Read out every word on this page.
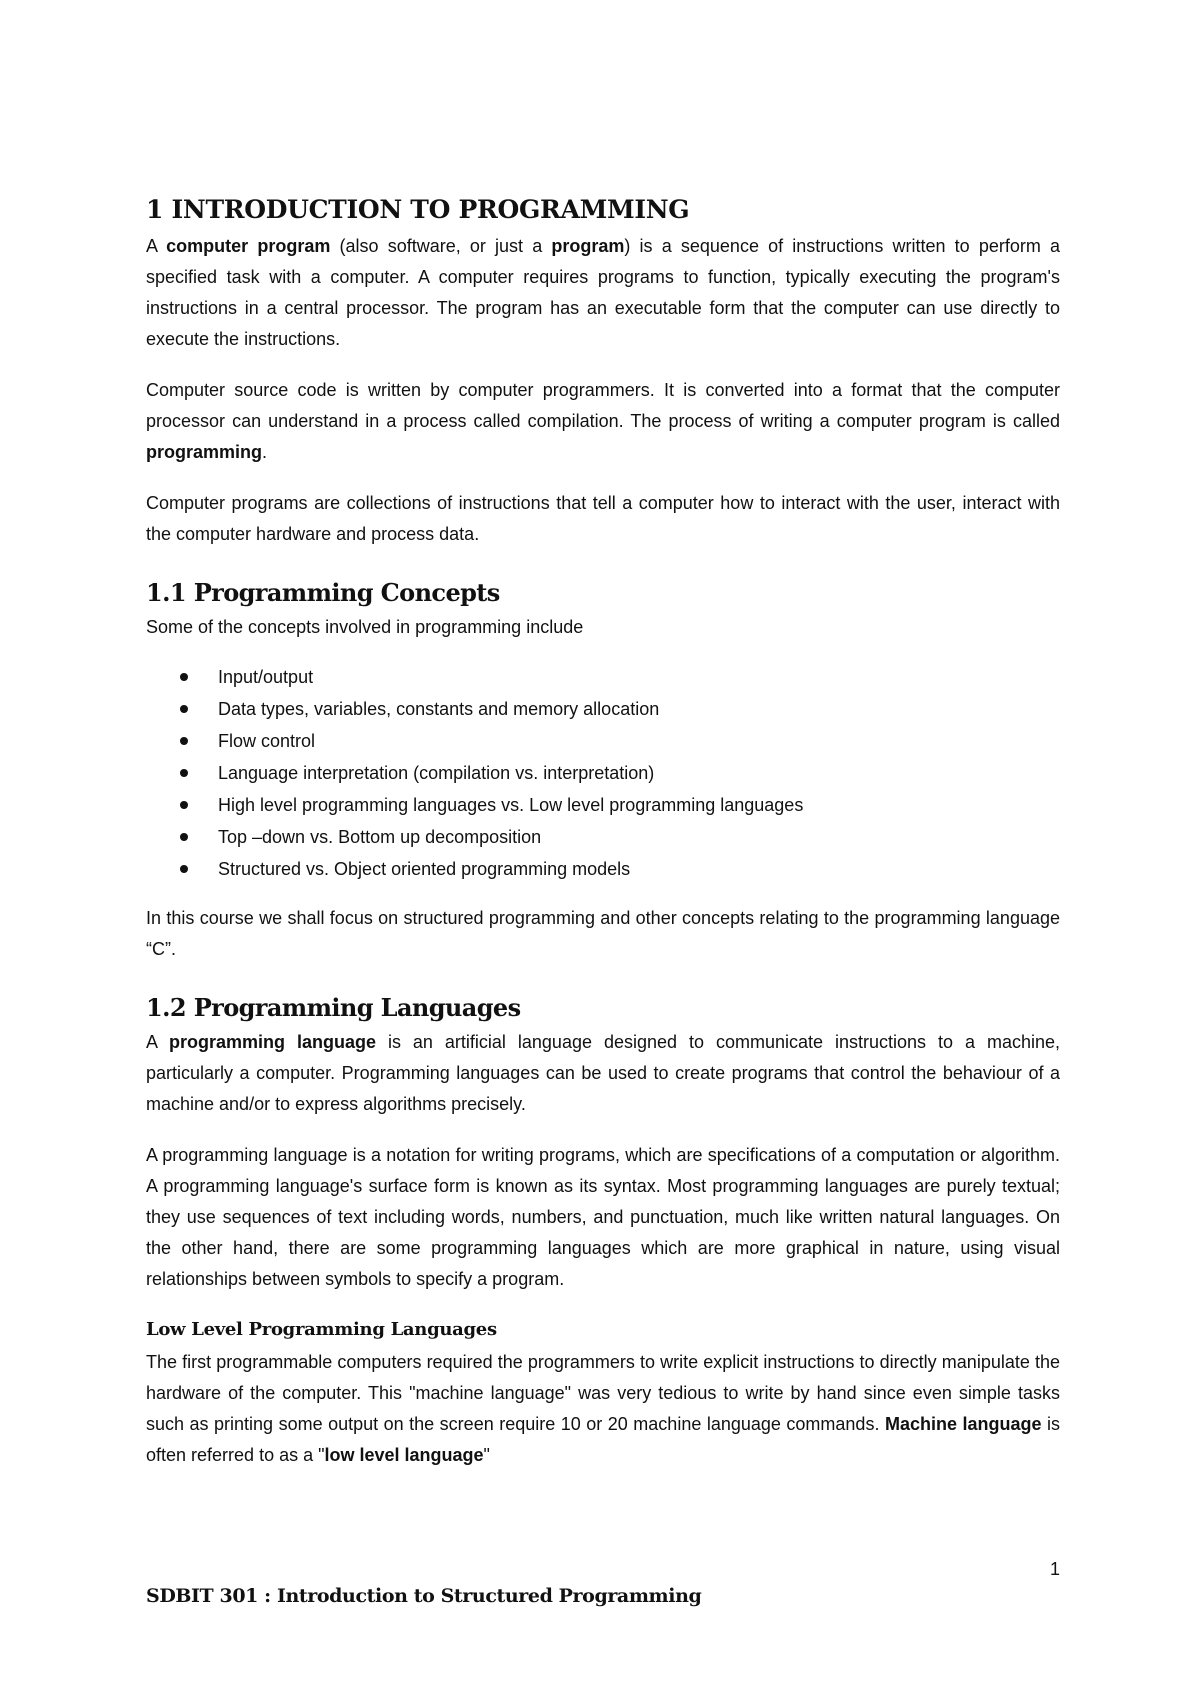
1 INTRODUCTION TO PROGRAMMING

A computer program (also software, or just a program) is a sequence of instructions written to perform a specified task with a computer. A computer requires programs to function, typically executing the program's instructions in a central processor. The program has an executable form that the computer can use directly to execute the instructions.

Computer source code is written by computer programmers. It is converted into a format that the computer processor can understand in a process called compilation. The process of writing a computer program is called programming.

Computer programs are collections of instructions that tell a computer how to interact with the user, interact with the computer hardware and process data.

1.1 Programming Concepts

Some of the concepts involved in programming include

Input/output
Data types, variables, constants and memory allocation
Flow control
Language interpretation (compilation vs. interpretation)
High level programming languages vs. Low level programming languages
Top –down vs. Bottom up decomposition
Structured vs. Object oriented programming models

In this course we shall focus on structured programming and other concepts relating to the programming language “C”.

1.2 Programming Languages

A programming language is an artificial language designed to communicate instructions to a machine, particularly a computer. Programming languages can be used to create programs that control the behaviour of a machine and/or to express algorithms precisely.

A programming language is a notation for writing programs, which are specifications of a computation or algorithm. A programming language's surface form is known as its syntax. Most programming languages are purely textual; they use sequences of text including words, numbers, and punctuation, much like written natural languages. On the other hand, there are some programming languages which are more graphical in nature, using visual relationships between symbols to specify a program.

Low Level Programming Languages

The first programmable computers required the programmers to write explicit instructions to directly manipulate the hardware of the computer. This "machine language" was very tedious to write by hand since even simple tasks such as printing some output on the screen require 10 or 20 machine language commands. Machine language is often referred to as a "low level language"

1
SDBIT 301 : Introduction to Structured Programming
